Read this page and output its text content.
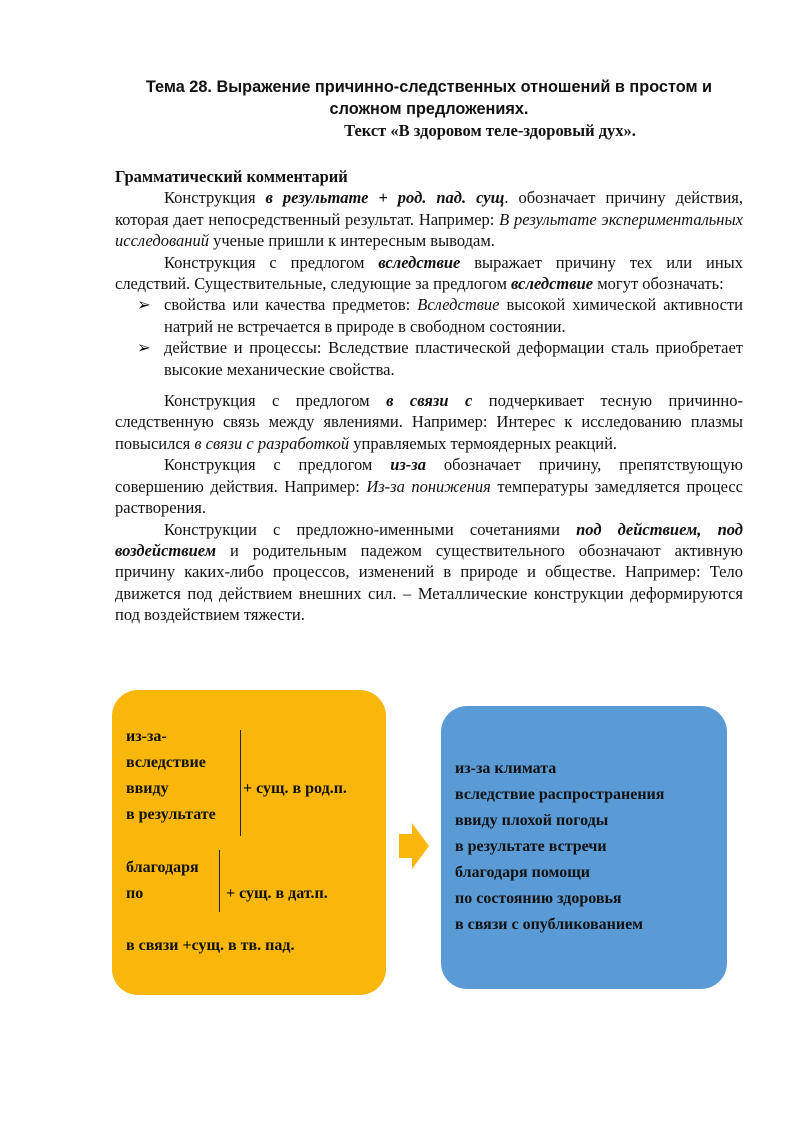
Тема 28. Выражение причинно-следственных отношений в простом и
сложном предложениях.
Текст «В здоровом теле-здоровый дух».

Грамматический комментарий

Конструкция в результате + род. пад. сущ. обозначает причину действия, которая дает непосредственный результат. Например: В результате экспериментальных исследований ученые пришли к интересным выводам.

Конструкция с предлогом вследствие выражает причину тех или иных следствий. Существительные, следующие за предлогом вследствие могут обозначать:

➢ свойства или качества предметов: Вследствие высокой химической активности натрий не встречается в природе в свободном состоянии.
➢ действие и процессы: Вследствие пластической деформации сталь приобретает высокие механические свойства.

Конструкция с предлогом в связи с подчеркивает тесную причинно-следственную связь между явлениями. Например: Интерес к исследованию плазмы повысился в связи с разработкой управляемых термоядерных реакций.

Конструкция с предлогом из-за обозначает причину, препятствующую совершению действия. Например: Из-за понижения температуры замедляется процесс растворения.

Конструкции с предложно-именными сочетаниями под действием, под воздействием и родительным падежом существительного обозначают активную причину каких-либо процессов, изменений в природе и обществе. Например: Тело движется под действием внешних сил. – Металлические конструкции деформируются под воздействием тяжести.

из-за-
вследствие
ввиду
в результате
+ сущ. в род.п.
благодаря
по	+ сущ. в дат.п.
в связи +сущ. в тв. пад.
из-за климата
вследствие распространения
ввиду плохой погоды
в результате встречи
благодаря помощи
по состоянию здоровья
в связи с опубликованием
